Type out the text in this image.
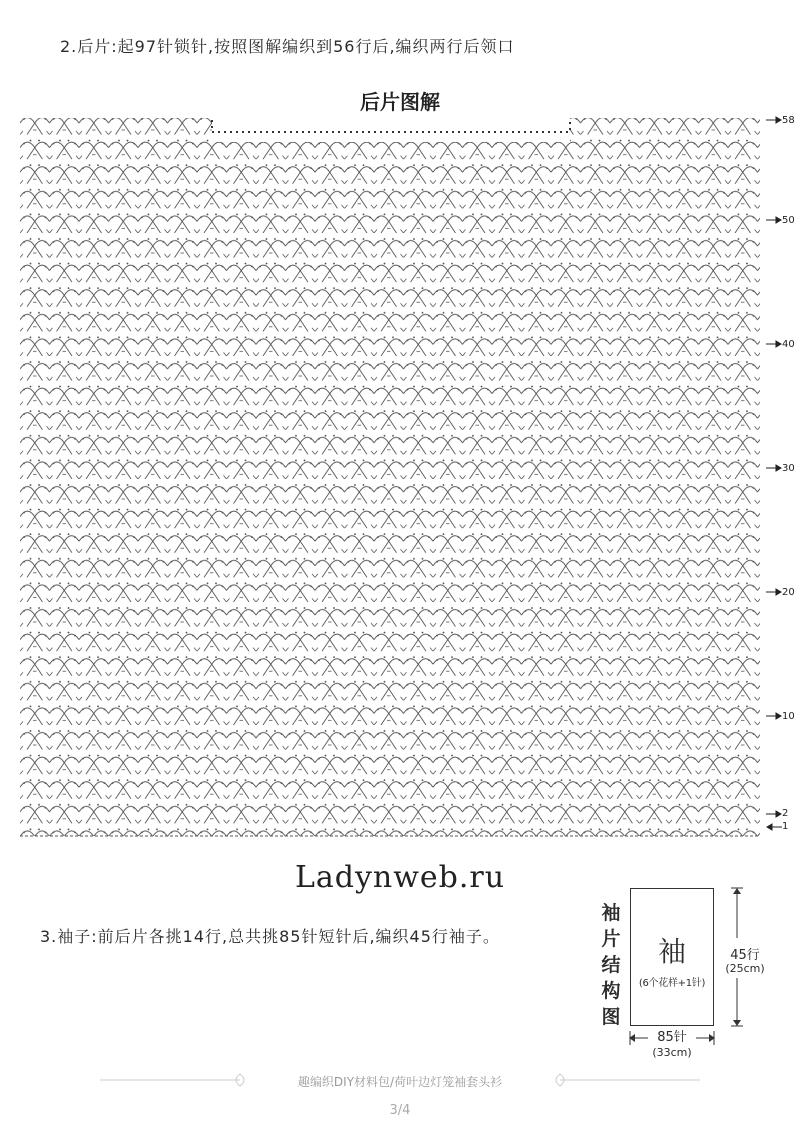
2.后片:起97针锁针,按照图解编织到56行后,编织两行后领口
后片图解
58
50
40
30
20
10
2
1
Ladynweb.ru
3.袖子:前后片各挑14行,总共挑85针短针后,编织45行袖子。
袖
片
结
构
图
袖
(6个花样+1针)
45行
(25cm)
85针
(33cm)
趣编织DIY材料包/荷叶边灯笼袖套头衫
3/4
